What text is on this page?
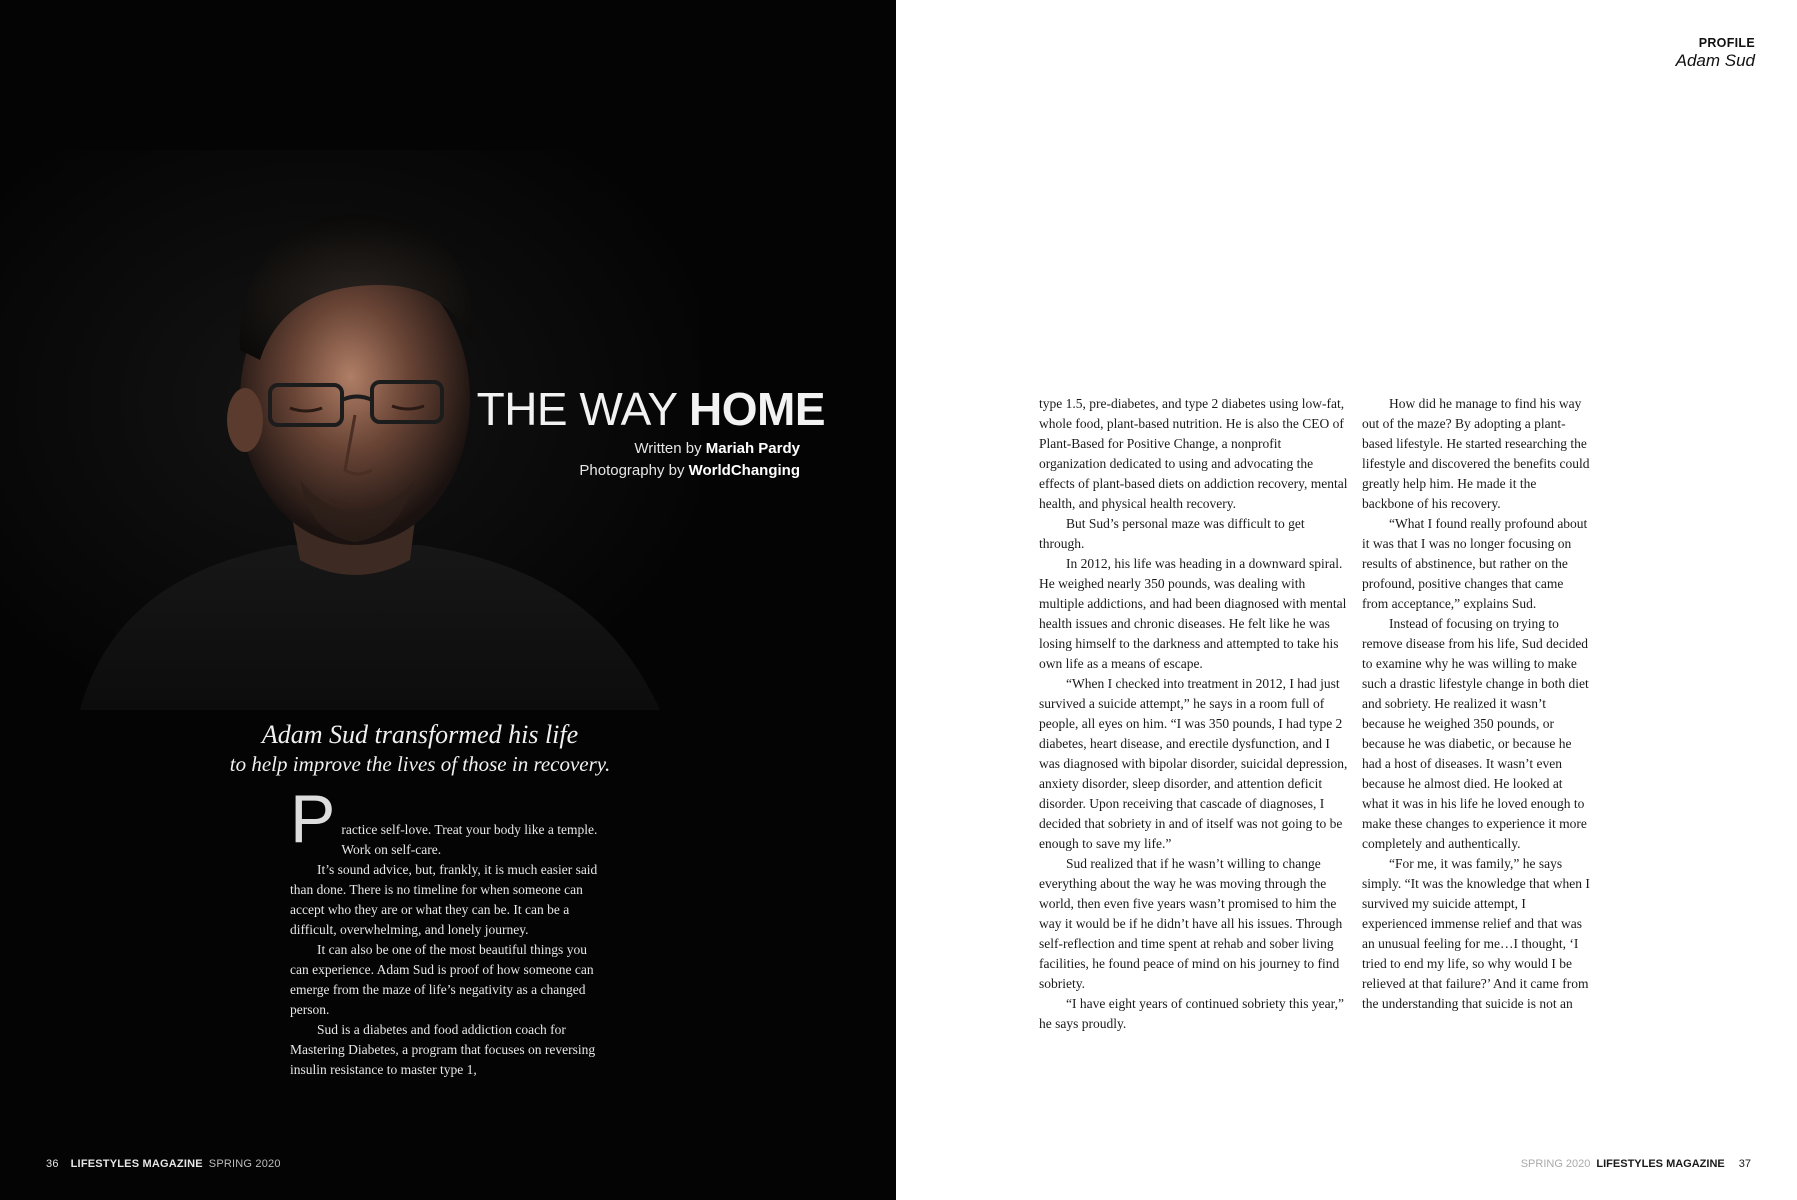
THE WAY HOME
Written by Mariah Pardy
Photography by WorldChanging
Adam Sud transformed his life
to help improve the lives of those in recovery.

Practice self-love. Treat your body like a temple. Work on self-care.

It’s sound advice, but, frankly, it is much easier said than done. There is no timeline for when someone can accept who they are or what they can be. It can be a difficult, overwhelming, and lonely journey.

It can also be one of the most beautiful things you can experience. Adam Sud is proof of how someone can emerge from the maze of life’s negativity as a changed person.

Sud is a diabetes and food addiction coach for Mastering Diabetes, a program that focuses on reversing insulin resistance to master type 1,

36 LIFESTYLES MAGAZINE SPRING 2020
PROFILE
Adam Sud

type 1.5, pre-diabetes, and type 2 diabetes using low-fat, whole food, plant-based nutrition. He is also the CEO of Plant-Based for Positive Change, a nonprofit organization dedicated to using and advocating the effects of plant-based diets on addiction recovery, mental health, and physical health recovery.

But Sud’s personal maze was difficult to get through.

In 2012, his life was heading in a downward spiral. He weighed nearly 350 pounds, was dealing with multiple addictions, and had been diagnosed with mental health issues and chronic diseases. He felt like he was losing himself to the darkness and attempted to take his own life as a means of escape.

“When I checked into treatment in 2012, I had just survived a suicide attempt,” he says in a room full of people, all eyes on him. “I was 350 pounds, I had type 2 diabetes, heart disease, and erectile dysfunction, and I was diagnosed with bipolar disorder, suicidal depression, anxiety disorder, sleep disorder, and attention deficit disorder. Upon receiving that cascade of diagnoses, I decided that sobriety in and of itself was not going to be enough to save my life.”

Sud realized that if he wasn’t willing to change everything about the way he was moving through the world, then even five years wasn’t promised to him the way it would be if he didn’t have all his issues. Through self-reflection and time spent at rehab and sober living facilities, he found peace of mind on his journey to find sobriety.

“I have eight years of continued sobriety this year,” he says proudly.

How did he manage to find his way out of the maze? By adopting a plant-based lifestyle. He started researching the lifestyle and discovered the benefits could greatly help him. He made it the backbone of his recovery.

“What I found really profound about it was that I was no longer focusing on results of abstinence, but rather on the profound, positive changes that came from acceptance,” explains Sud.

Instead of focusing on trying to remove disease from his life, Sud decided to examine why he was willing to make such a drastic lifestyle change in both diet and sobriety. He realized it wasn’t because he weighed 350 pounds, or because he was diabetic, or because he had a host of diseases. It wasn’t even because he almost died. He looked at what it was in his life he loved enough to make these changes to experience it more completely and authentically.

“For me, it was family,” he says simply. “It was the knowledge that when I survived my suicide attempt, I experienced immense relief and that was an unusual feeling for me…I thought, ‘I tried to end my life, so why would I be relieved at that failure?’ And it came from the understanding that suicide is not an

SPRING 2020 LIFESTYLES MAGAZINE 37
